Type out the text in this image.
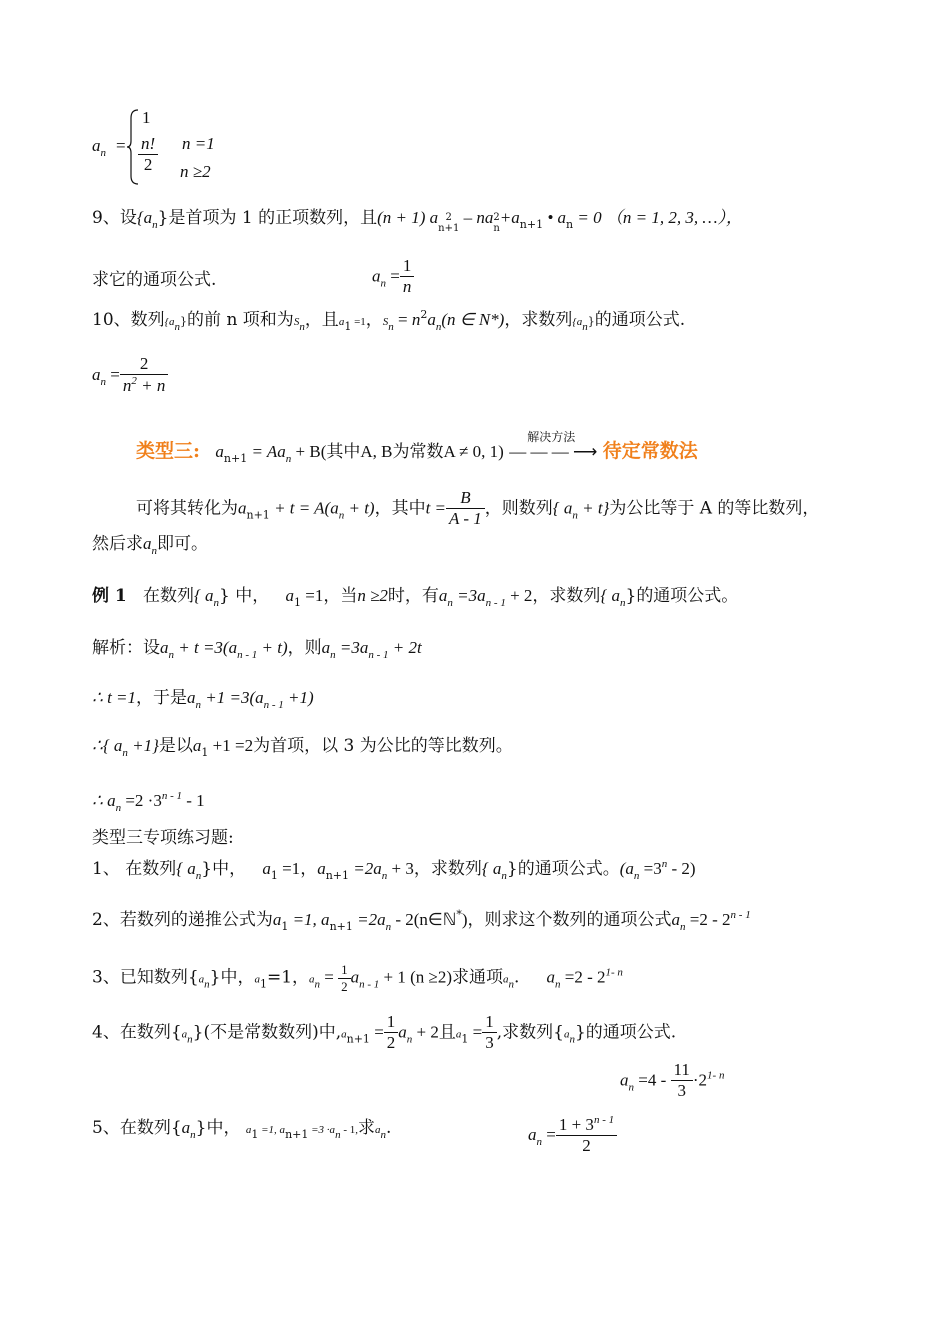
$a_n$ =
1
$\frac{n!}{2}$ n =1
n ≥2
9、设$\{a_n\}$是首项为 1 的正项数列，且(n + 1) a 2
n+1
– na 2
n
$+a_{n+1}$ • $a_n = 0$ （n = 1, 2, 3, …），
求它的通项公式.	$a_n = \frac{1}{n}$
10、数列$\{a_n\}$的前 n 项和为$S_n$，且$a_1 =1$，$S_n = n^2a_n(n$ ∈ N*)，求数列$\{a_n\}$的通项公式.
$a_n = \frac{2}{n^2 + n}$
类型三: $a_{n+1} = Aa_n + B$(其中A, B为常数A ≠ 0, 1)
解决方法
— — — ⟶ 待定常数法
可将其转化为$a_{n+1} + t = A(a_n + t)$，其中$t = \frac{B}{A - 1}$ ，则数列{ $a_n + t$}为公比等于 A 的等比数列，
然后求$a_n$即可。
例 1 在数列{ $a_n$} 中， $a_1 =1$，当n ≥2时，有$a_n =3a_{n - 1} + 2$，求数列{ $a_n$}的通项公式。
解析：设$a_n + t =3(a_{n - 1} + t)$，则$a_n =3a_{n - 1} + 2t$
∴ t =1，于是$a_n +1 =3(a_{n - 1} +1)$
∴{ $a_n +1$}是以$a_1 +1 =2$为首项，以 3 为公比的等比数列。
∴ $a_n =2 \cdot 3^{n - 1} - 1$
类型三专项练习题:
1、 在数列{ $a_n$}中， $a_1 =1$，$a_{n+1} =2a_n + 3$，求数列{ $a_n$}的通项公式。$(a_n =3^n - 2)$
2、若数列的递推公式为$a_1 =1$, $a_{n+1} =2a_n$ - 2(n∈ℕ*)，则求这个数列的通项公式$a_n =2 - 2^{n - 1}$
3、已知数列$\{a_n\}$中，$a_1=1$，$a_n = \frac{1}{2} a_{n - 1} + 1$ (n ≥2)求通项$a_n$. $a_n =2 - 2^{1- n}$
4、在数列$\{a_n\}$(不是常数数列)中$,a_{n+1} = \frac{1}{2} a_n + 2$且$a_1 = \frac{1}{3}$ ,求数列$\{a_n\}$的通项公式.
$a_n =4 - \frac{11}{3} \cdot 2^{1- n}$
5、在数列$\{a_n\}$中， $a_1 =1$, $a_{n+1} =3 \cdot a_n - 1$,求$a_n$.	$a_n = \frac{1 + 3^{n - 1}}{2}$
